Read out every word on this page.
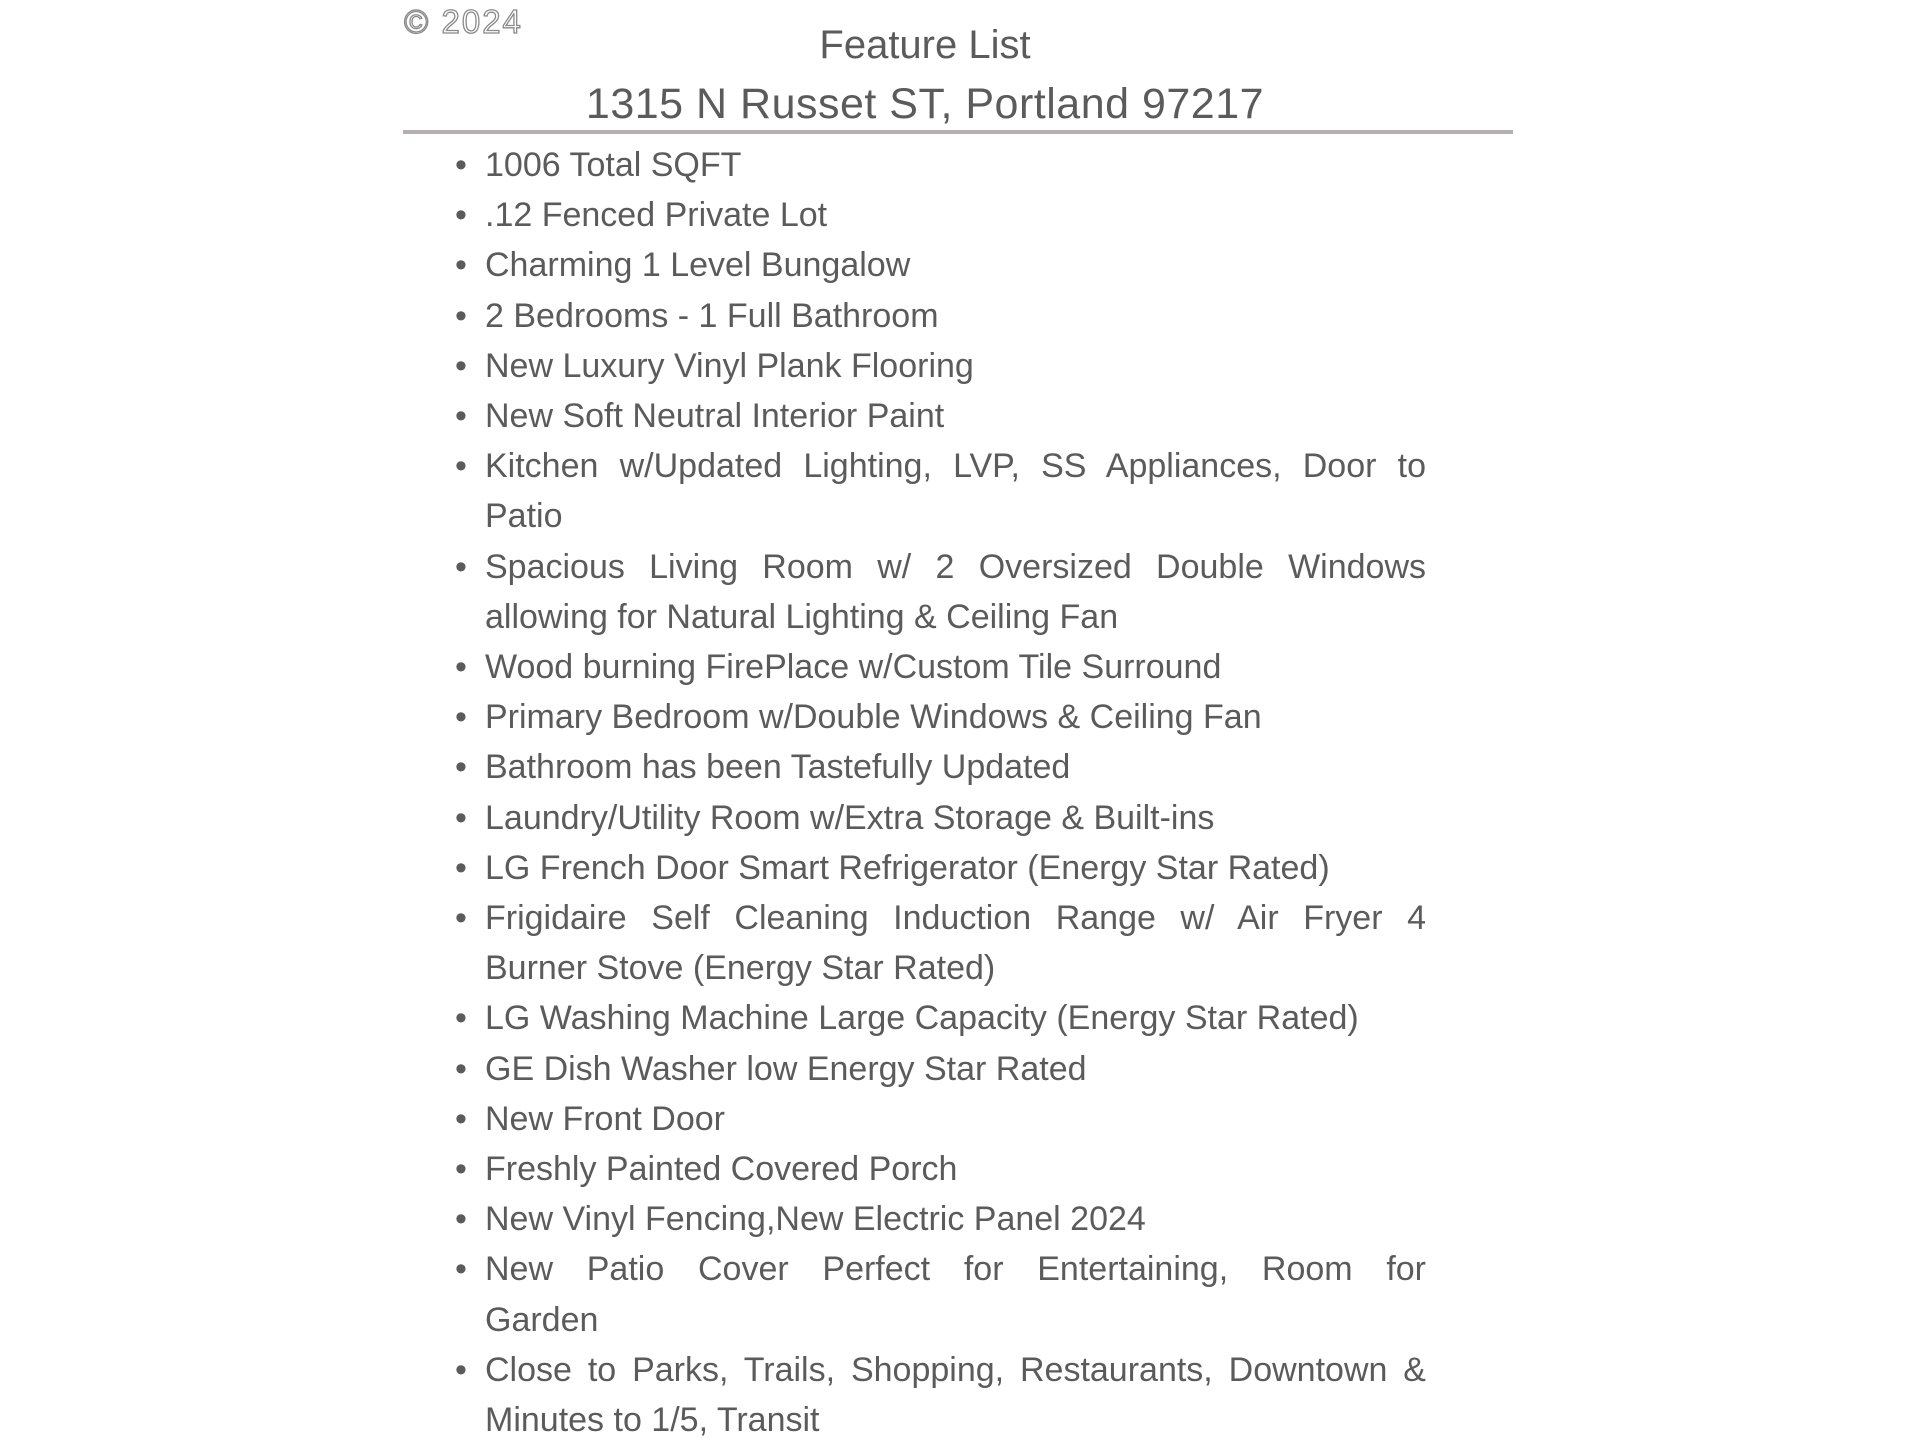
© 2024
Feature List
1315 N Russet ST, Portland 97217
• 1006 Total SQFT
• .12 Fenced Private Lot
• Charming 1 Level Bungalow
• 2 Bedrooms - 1 Full Bathroom
• New Luxury Vinyl Plank Flooring
• New Soft Neutral Interior Paint
• Kitchen w/Updated Lighting, LVP, SS Appliances, Door to
Patio
• Spacious Living Room w/ 2 Oversized Double Windows
allowing for Natural Lighting & Ceiling Fan
• Wood burning FirePlace w/Custom Tile Surround
• Primary Bedroom w/Double Windows & Ceiling Fan
• Bathroom has been Tastefully Updated
• Laundry/Utility Room w/Extra Storage & Built-ins
• LG French Door Smart Refrigerator (Energy Star Rated)
• Frigidaire Self Cleaning Induction Range w/ Air Fryer 4
Burner Stove (Energy Star Rated)
• LG Washing Machine Large Capacity (Energy Star Rated)
• GE Dish Washer low Energy Star Rated
• New Front Door
• Freshly Painted Covered Porch
• New Vinyl Fencing,New Electric Panel 2024
• New Patio Cover Perfect for Entertaining, Room for
Garden
• Close to Parks, Trails, Shopping, Restaurants, Downtown &
Minutes to 1/5, Transit
